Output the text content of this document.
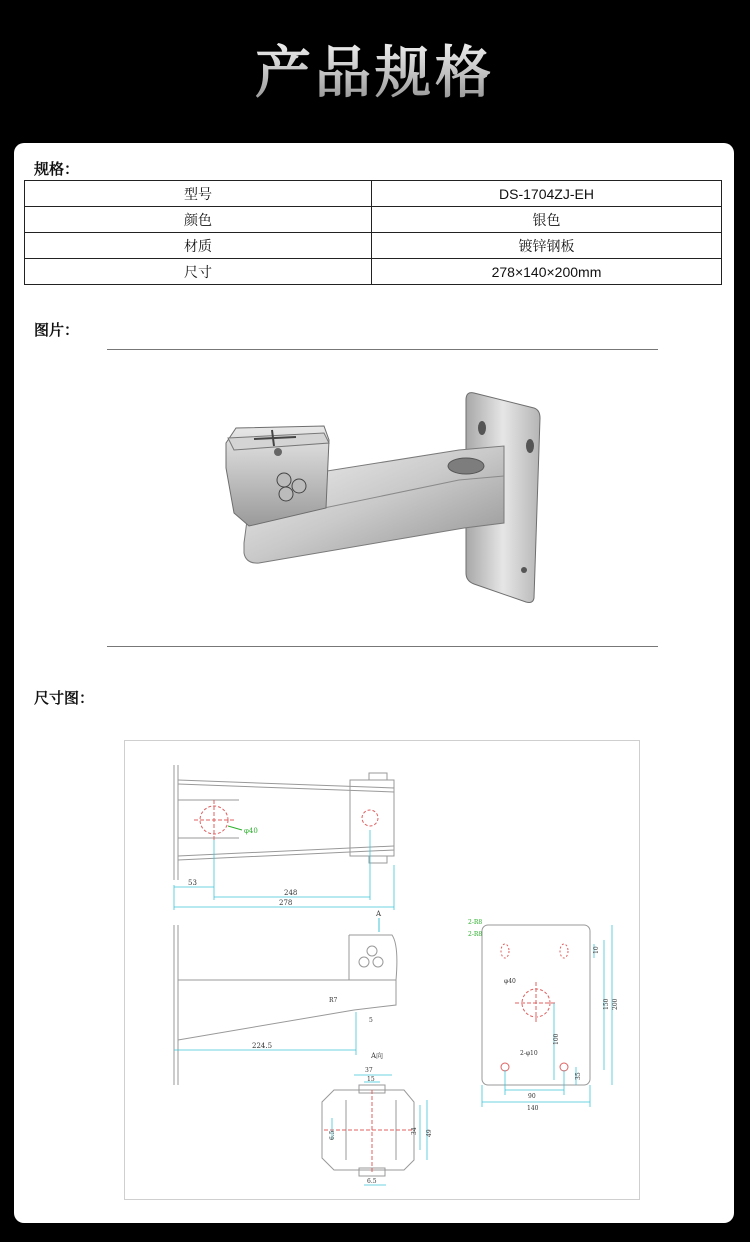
产品规格
规格：
型号	DS-1704ZJ-EH
颜色	银色
材质	镀锌钢板
尺寸	278×140×200mm
图片：
尺寸图：
φ40
53
248
278
A
R7
5
224.5
A向
37
15
34 49
6.5
6.5
2-R8
2-R8
φ40
2-φ10
10
150 200
100
35
90
140
